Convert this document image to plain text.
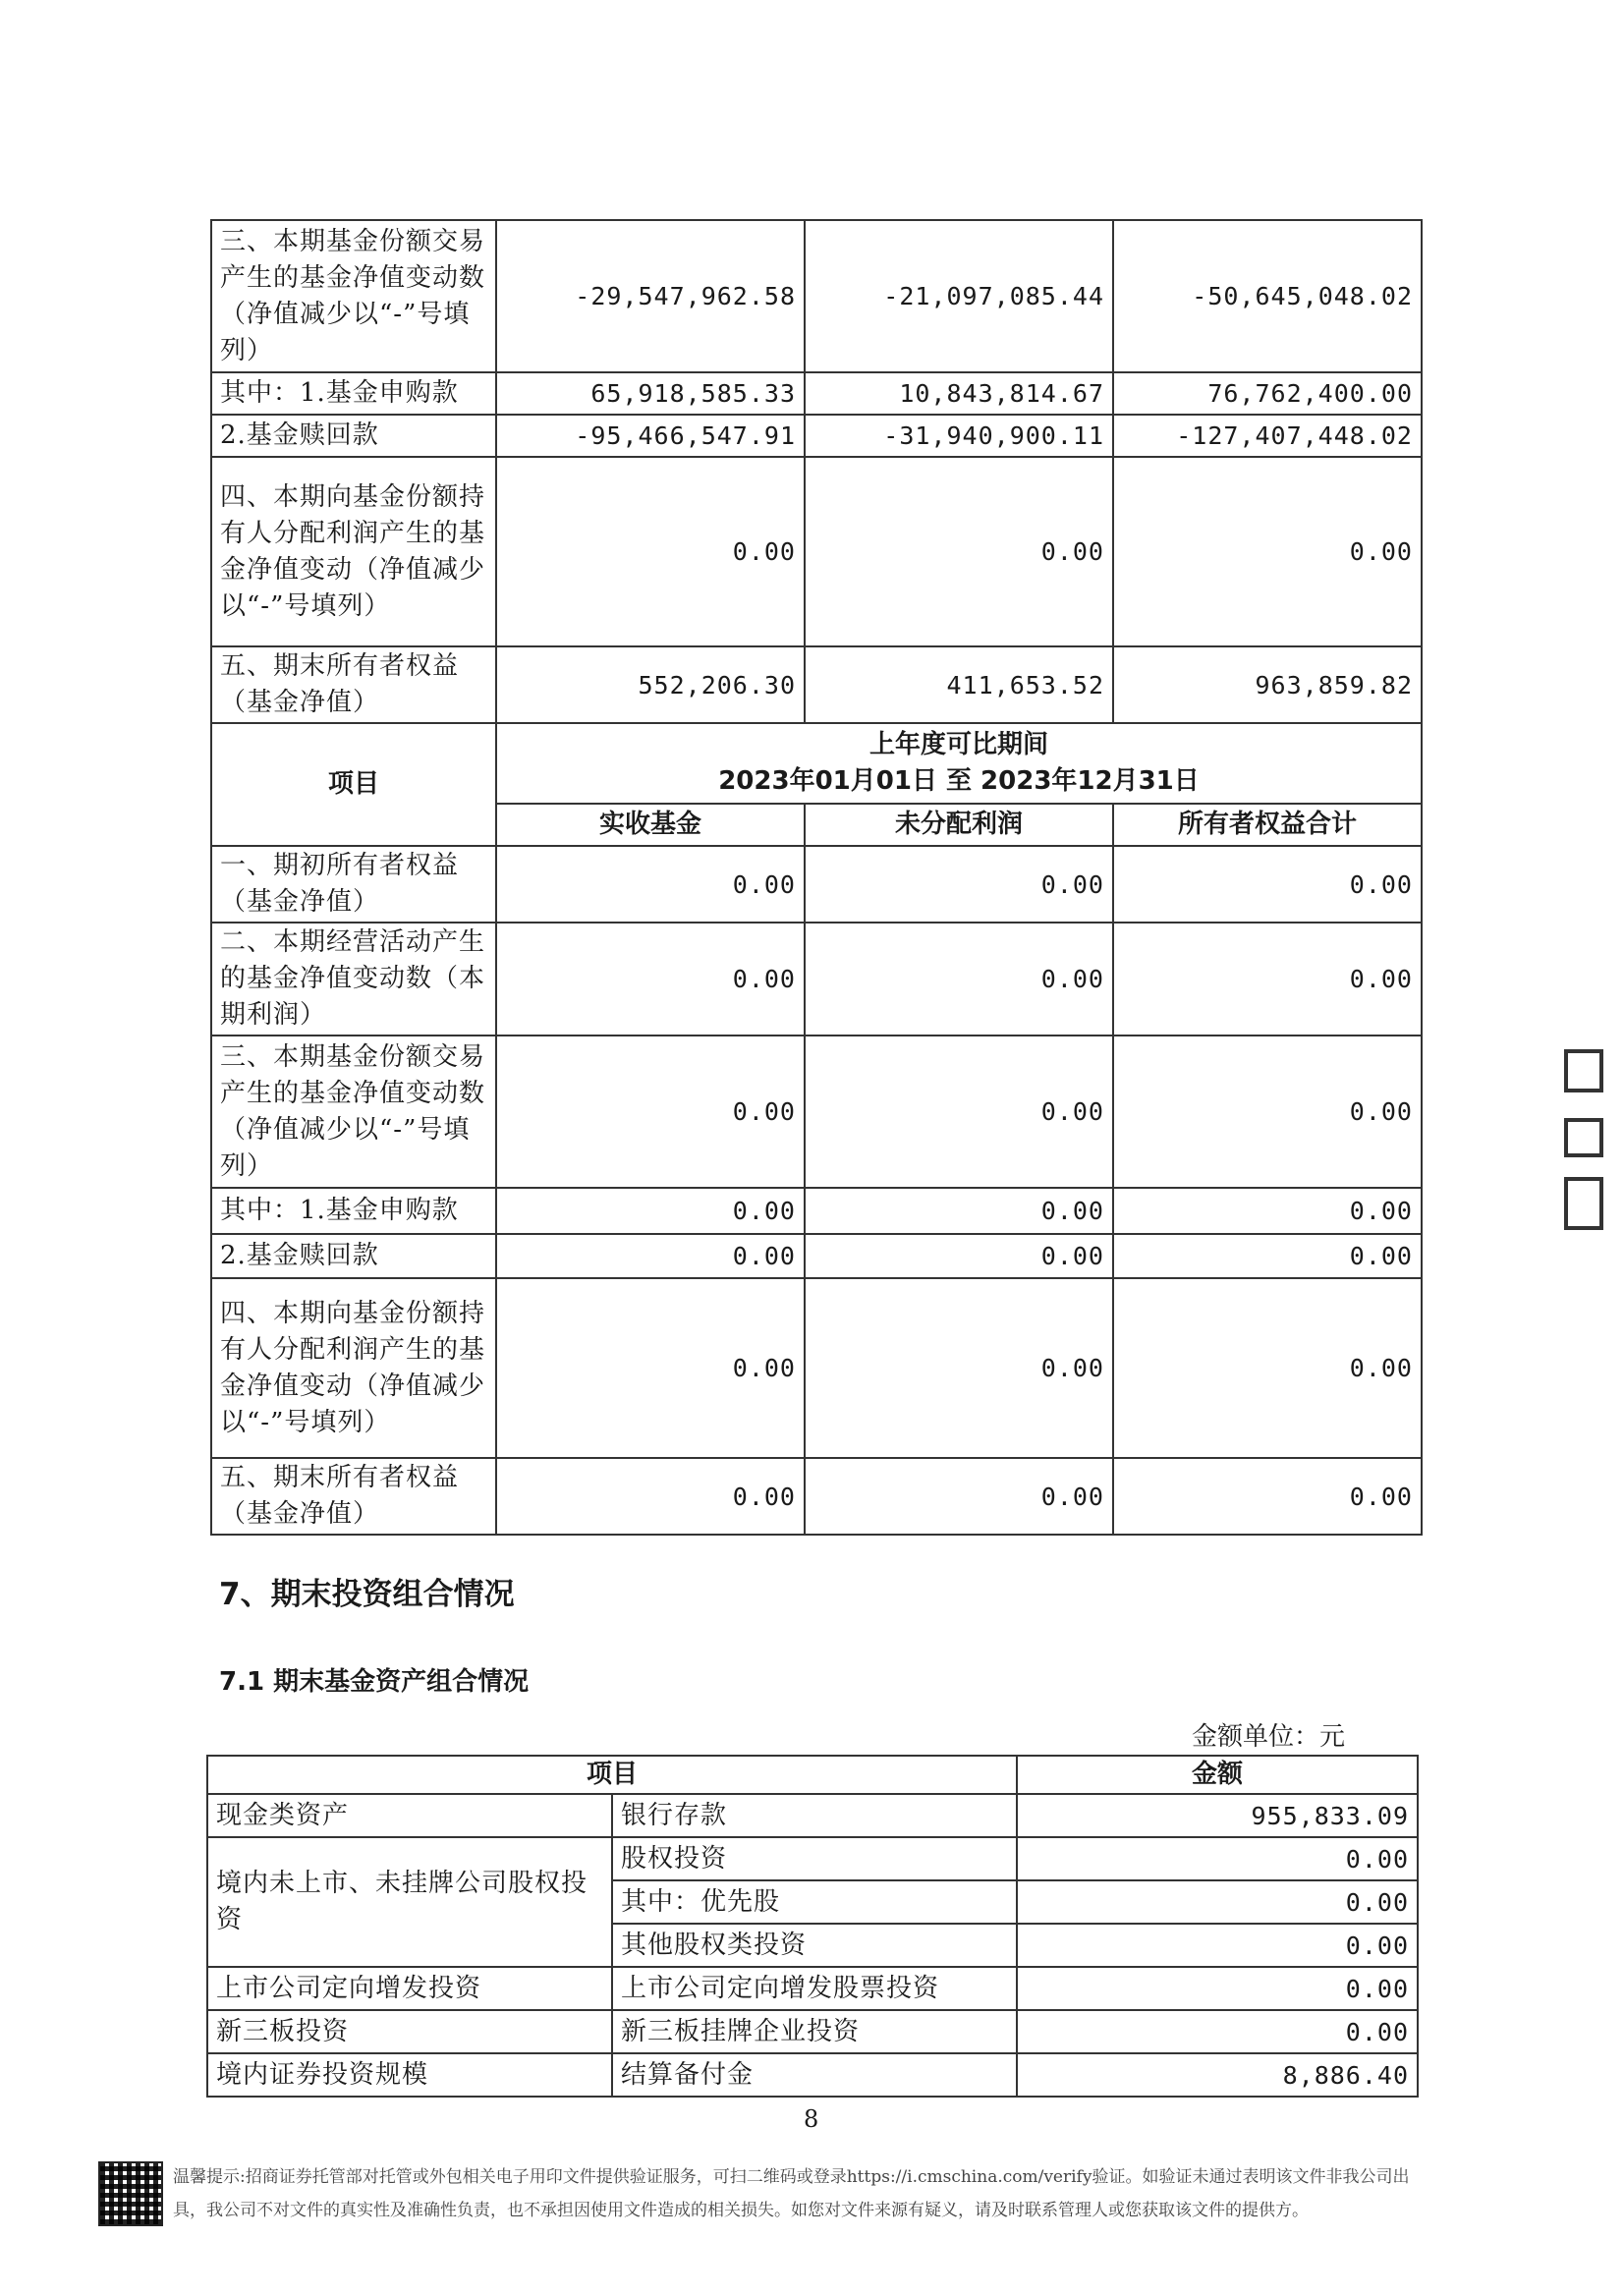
三、本期基金份额交易产生的基金净值变动数（净值减少以“-”号填列）	-29,547,962.58	-21,097,085.44	-50,645,048.02
其中：1.基金申购款	65,918,585.33	10,843,814.67	76,762,400.00
2.基金赎回款	-95,466,547.91	-31,940,900.11	-127,407,448.02
四、本期向基金份额持有人分配利润产生的基金净值变动（净值减少以“-”号填列）	0.00	0.00	0.00
五、期末所有者权益（基金净值）	552,206.30	411,653.52	963,859.82
项目	上年度可比期间
2023年01月01日 至 2023年12月31日		

	实收基金	未分配利润	所有者权益合计
一、期初所有者权益（基金净值）	0.00	0.00	0.00
二、本期经营活动产生的基金净值变动数（本期利润）	0.00	0.00	0.00
三、本期基金份额交易产生的基金净值变动数（净值减少以“-”号填列）	0.00	0.00	0.00
其中：1.基金申购款	0.00	0.00	0.00
2.基金赎回款	0.00	0.00	0.00
四、本期向基金份额持有人分配利润产生的基金净值变动（净值减少以“-”号填列）	0.00	0.00	0.00
五、期末所有者权益（基金净值）	0.00	0.00	0.00
7、期末投资组合情况
7.1 期末基金资产组合情况
金额单位：元
项目		金额
现金类资产	银行存款	955,833.09
境内未上市、未挂牌公司股权投资	股权投资	0.00
	其中：优先股	0.00
	其他股权类投资	0.00
上市公司定向增发投资	上市公司定向增发股票投资	0.00
新三板投资	新三板挂牌企业投资	0.00
境内证券投资规模	结算备付金	8,886.40
8
温馨提示:招商证券托管部对托管或外包相关电子用印文件提供验证服务，可扫二维码或登录https://i.cmschina.com/verify验证。如验证未通过表明该文件非我公司出
具，我公司不对文件的真实性及准确性负责，也不承担因使用文件造成的相关损失。如您对文件来源有疑义，请及时联系管理人或您获取该文件的提供方。
